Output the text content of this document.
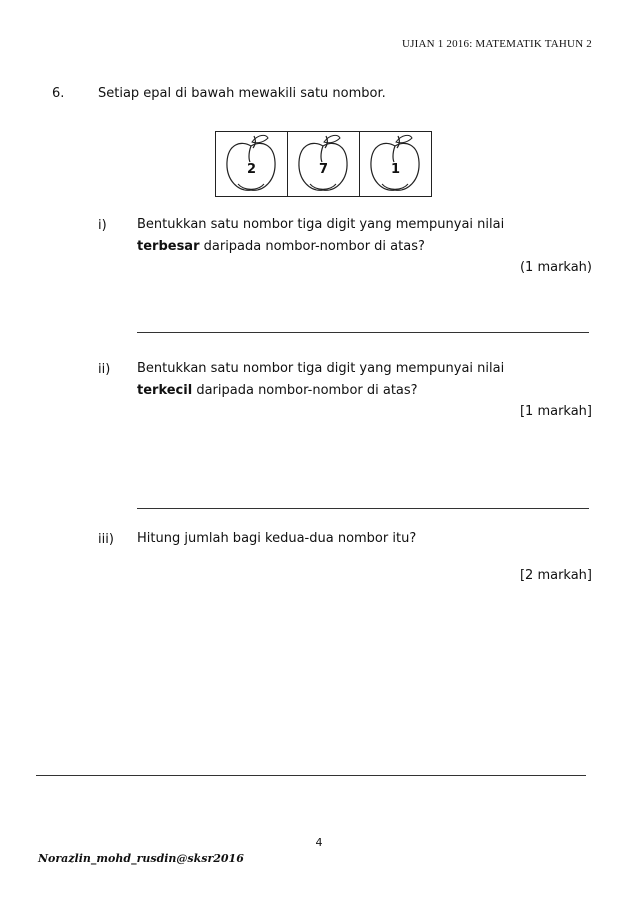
UJIAN 1 2016: MATEMATIK TAHUN 2
6.	Setiap epal di bawah mewakili satu nombor.
2	7	1
i) Bentukkan satu nombor tiga digit yang mempunyai nilai
terbesar daripada nombor-nombor di atas?
(1 markah)
ii) Bentukkan satu nombor tiga digit yang mempunyai nilai
terkecil daripada nombor-nombor di atas?
[1 markah]
iii) Hitung jumlah bagi kedua-dua nombor itu?
[2 markah]
4
Norazlin_mohd_rusdin@sksr2016
